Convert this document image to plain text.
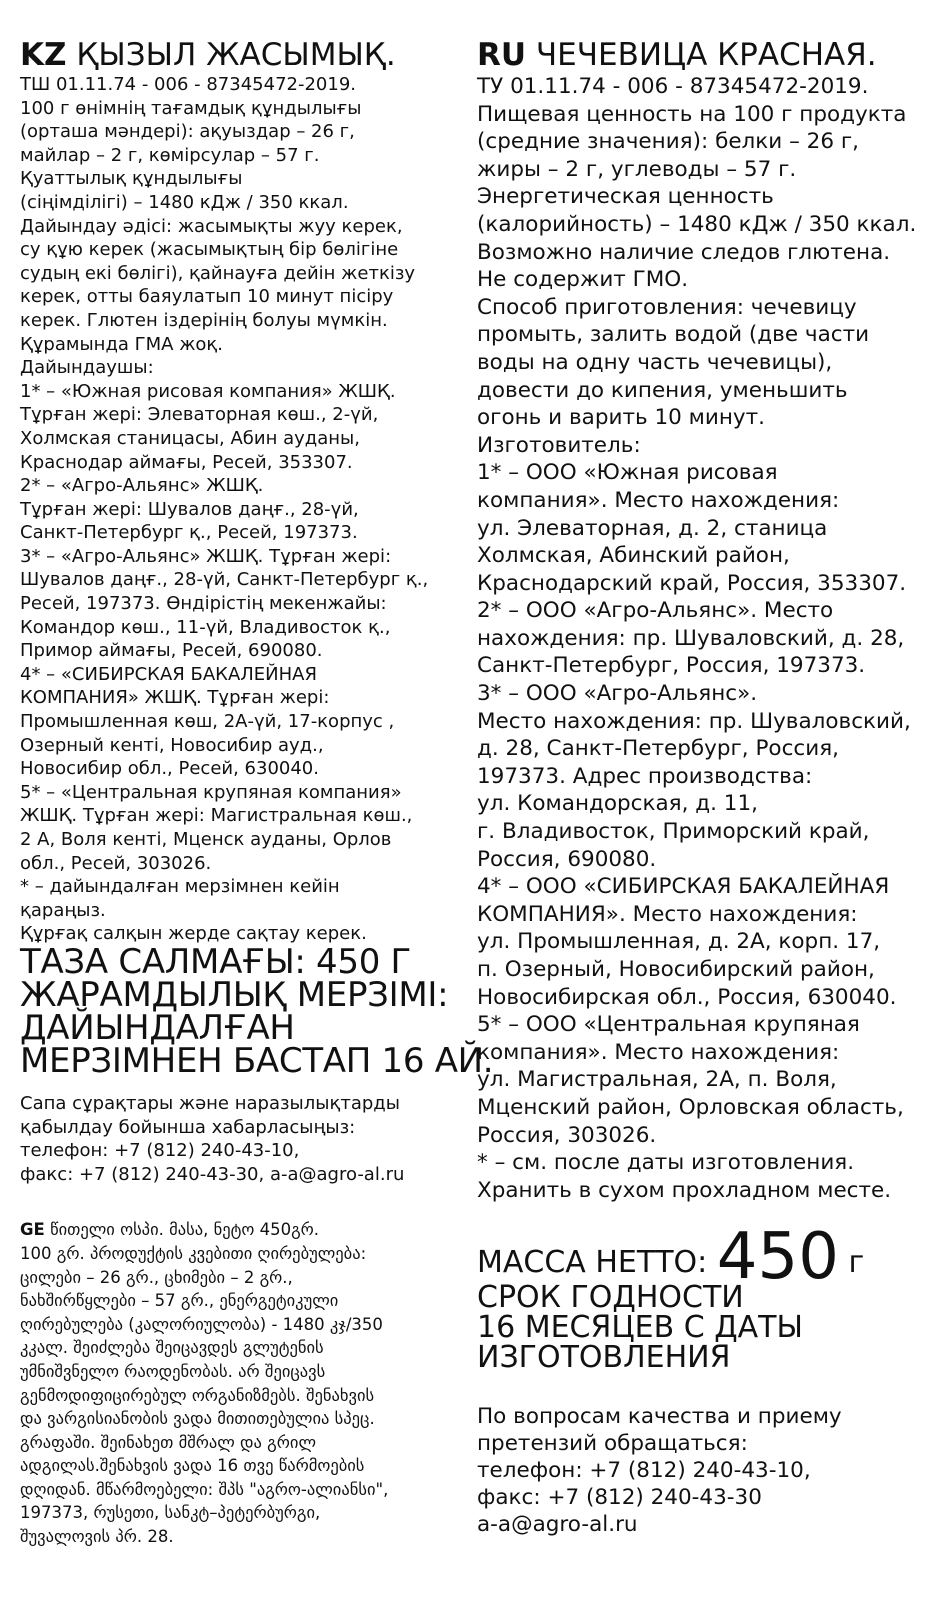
KZ ҚЫЗЫЛ ЖАСЫМЫҚ.
ТШ 01.11.74 - 006 - 87345472-2019.
100 г өнімнің тағамдық құндылығы
(орташа мәндері): ақуыздар – 26 г,
майлар – 2 г, көмірсулар – 57 г.
Қуаттылық құндылығы
(сіңімділігі) – 1480 кДж / 350 ккал.
Дайындау әдісі: жасымықты жуу керек,
су құю керек (жасымықтың бір бөлігіне
судың екі бөлігі), қайнауға дейін жеткізу
керек, отты баяулатып 10 минут пісіру
керек. Глютен іздерінің болуы мүмкін.
Құрамында ГМА жоқ.
Дайындаушы:
1* – «Южная рисовая компания» ЖШҚ.
Тұрған жері: Элеваторная көш., 2-үй,
Холмская станицасы, Абин ауданы,
Краснодар аймағы, Ресей, 353307.
2* – «Агро-Альянс» ЖШҚ.
Тұрған жері: Шувалов даңғ., 28-үй,
Санкт-Петербург қ., Ресей, 197373.
3* – «Агро-Альянс» ЖШҚ. Тұрған жері:
Шувалов даңғ., 28-үй, Санкт-Петербург қ.,
Ресей, 197373. Өндірістің мекенжайы:
Командор көш., 11-үй, Владивосток қ.,
Примор аймағы, Ресей, 690080.
4* – «СИБИРСКАЯ БАКАЛЕЙНАЯ
КОМПАНИЯ» ЖШҚ. Тұрған жері:
Промышленная көш, 2А-үй, 17-корпус ,
Озерный кенті, Новосибир ауд.,
Новосибир обл., Ресей, 630040.
5* – «Центральная крупяная компания»
ЖШҚ. Тұрған жері: Магистральная көш.,
2 А, Воля кенті, Мценск ауданы, Орлов
обл., Ресей, 303026.
* – дайындалған мерзімнен кейін
қараңыз.
Құрғақ салқын жерде сақтау керек.
ТАЗА САЛМАҒЫ: 450 Г
ЖАРАМДЫЛЫҚ МЕРЗІМІ:
ДАЙЫНДАЛҒАН
МЕРЗІМНЕН БАСТАП 16 АЙ.
Сапа сұрақтары және наразылықтарды
қабылдау бойынша хабарласыңыз:
телефон: +7 (812) 240-43-10,
факс: +7 (812) 240-43-30, a-a@agro-al.ru
GE წითელი ოსპი. მასა, ნეტო 450გრ.
100 გრ. პროდუქტის კვებითი ღირებულება:
ცილები – 26 გრ., ცხიმები – 2 გრ.,
ნახშირწყლები – 57 გრ., ენერგეტიკული
ღირებულება (კალორიულობა) - 1480 კჯ/350
კკალ. შეიძლება შეიცავდეს გლუტენის
უმნიშვნელო რაოდენობას. არ შეიცავს
გენმოდიფიცირებულ ორგანიზმებს. შენახვის
და ვარგისიანობის ვადა მითითებულია სპეც.
გრაფაში. შეინახეთ მშრალ და გრილ
ადგილას.შენახვის ვადა 16 თვე წარმოების
დღიდან. მწარმოებელი: შპს "აგრო-ალიანსი",
197373, რუსეთი, სანკტ–პეტერბურგი,
შუვალოვის პრ. 28.
RU ЧЕЧЕВИЦА КРАСНАЯ.
ТУ 01.11.74 - 006 - 87345472-2019.
Пищевая ценность на 100 г продукта
(средние значения): белки – 26 г,
жиры – 2 г, углеводы – 57 г.
Энергетическая ценность
(калорийность) – 1480 кДж / 350 ккал.
Возможно наличие следов глютена.
Не содержит ГМО.
Способ приготовления: чечевицу
промыть, залить водой (две части
воды на одну часть чечевицы),
довести до кипения, уменьшить
огонь и варить 10 минут.
Изготовитель:
1* – ООО «Южная рисовая
компания». Место нахождения:
ул. Элеваторная, д. 2, станица
Холмская, Абинский район,
Краснодарский край, Россия, 353307.
2* – ООО «Агро-Альянс». Место
нахождения: пр. Шуваловский, д. 28,
Санкт-Петербург, Россия, 197373.
3* – ООО «Агро-Альянс».
Место нахождения: пр. Шуваловский,
д. 28, Санкт-Петербург, Россия,
197373. Адрес производства:
ул. Командорская, д. 11,
г. Владивосток, Приморский край,
Россия, 690080.
4* – ООО «СИБИРСКАЯ БАКАЛЕЙНАЯ
КОМПАНИЯ». Место нахождения:
ул. Промышленная, д. 2А, корп. 17,
п. Озерный, Новосибирский район,
Новосибирская обл., Россия, 630040.
5* – ООО «Центральная крупяная
компания». Место нахождения:
ул. Магистральная, 2А, п. Воля,
Мценский район, Орловская область,
Россия, 303026.
* – см. после даты изготовления.
Хранить в сухом прохладном месте.
МАССА НЕТТО: 450 г
СРОК ГОДНОСТИ
16 МЕСЯЦЕВ С ДАТЫ
ИЗГОТОВЛЕНИЯ
По вопросам качества и приему
претензий обращаться:
телефон: +7 (812) 240-43-10,
факс: +7 (812) 240-43-30
a-a@agro-al.ru
